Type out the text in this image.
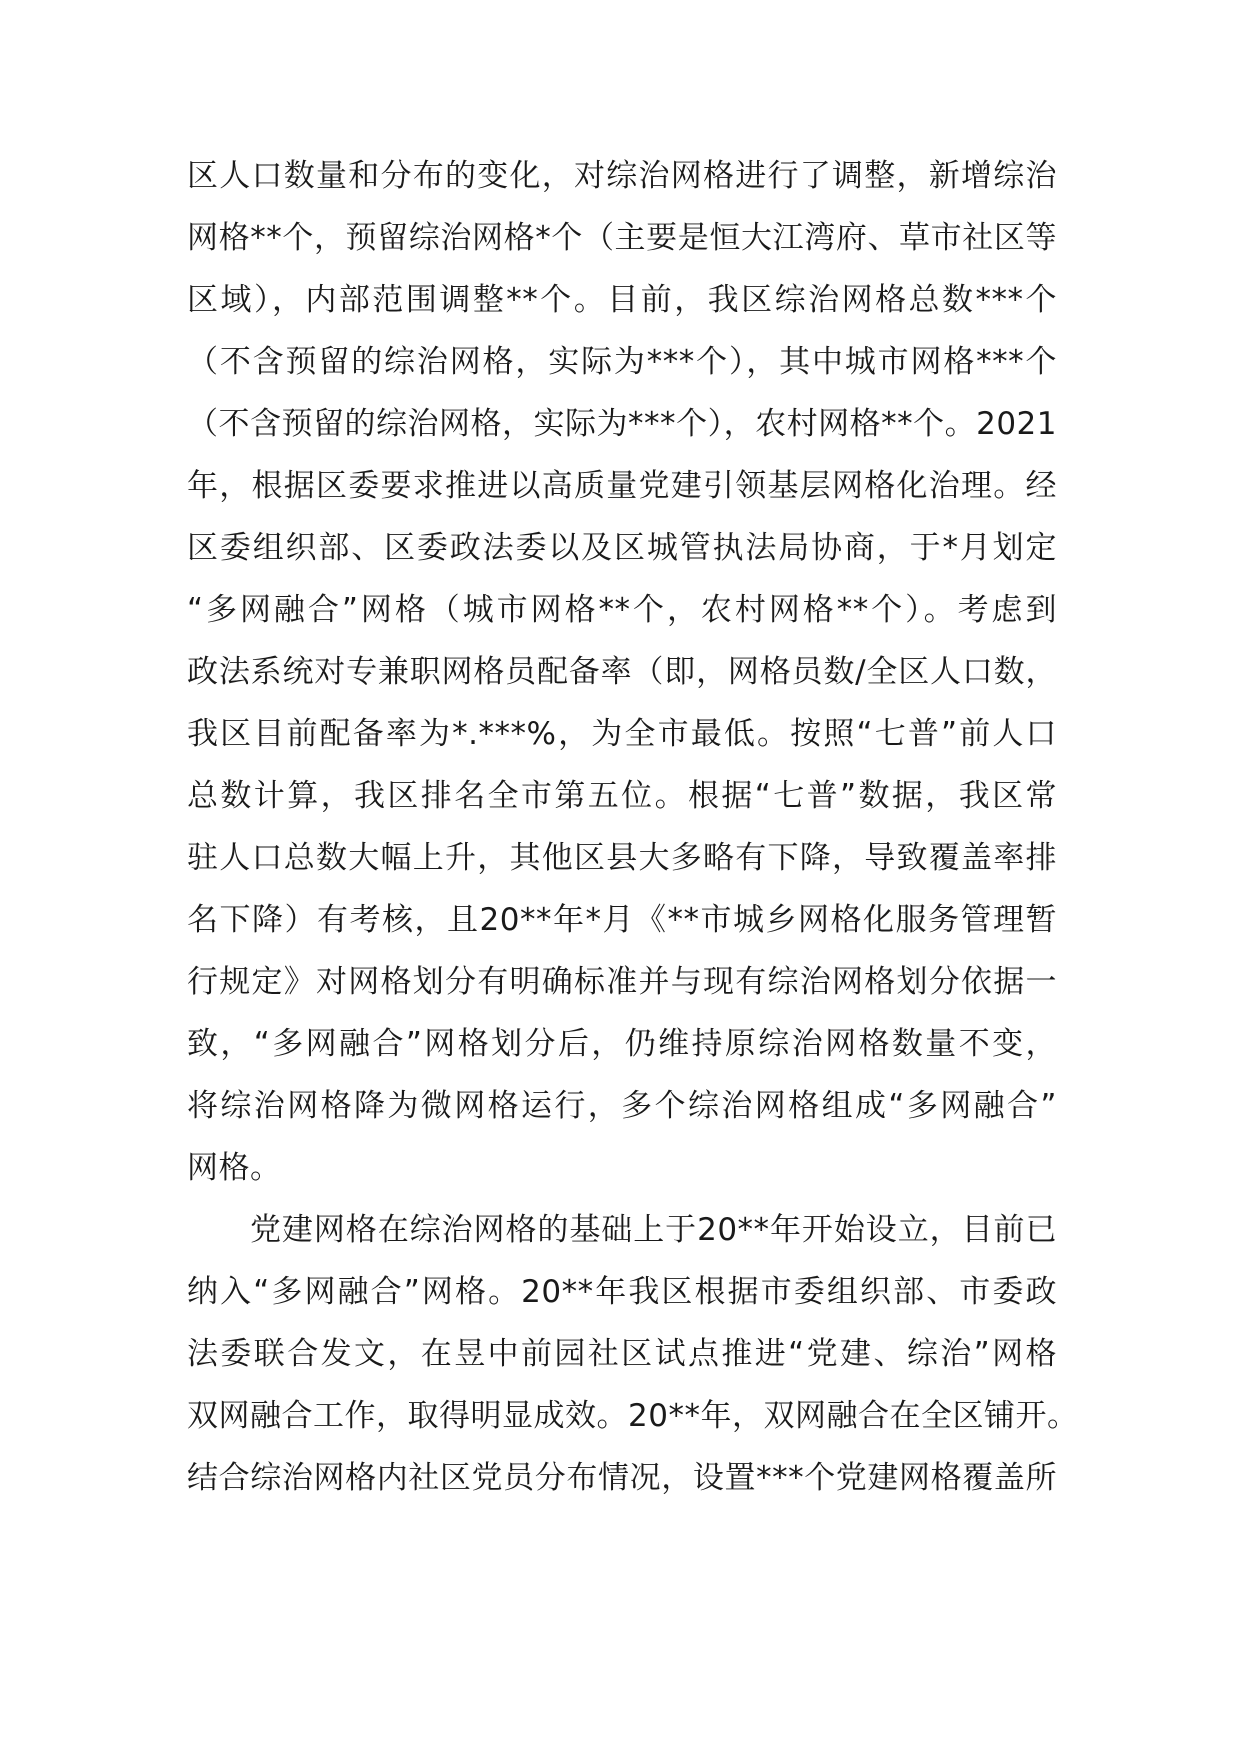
区人口数量和分布的变化，对综治网格进行了调整，新增综治
网格**个，预留综治网格*个（主要是恒大江湾府、草市社区等
区域），内部范围调整**个。目前，我区综治网格总数***个
（不含预留的综治网格，实际为***个），其中城市网格***个
（不含预留的综治网格，实际为***个），农村网格**个。2021
年，根据区委要求推进以高质量党建引领基层网格化治理。经
区委组织部、区委政法委以及区城管执法局协商，于*月划定
“多网融合”网格（城市网格**个，农村网格**个）。考虑到
政法系统对专兼职网格员配备率（即，网格员数/全区人口数，
我区目前配备率为*.***%，为全市最低。按照“七普”前人口
总数计算，我区排名全市第五位。根据“七普”数据，我区常
驻人口总数大幅上升，其他区县大多略有下降，导致覆盖率排
名下降）有考核，且20**年*月《**市城乡网格化服务管理暂
行规定》对网格划分有明确标准并与现有综治网格划分依据一
致，“多网融合”网格划分后，仍维持原综治网格数量不变，
将综治网格降为微网格运行，多个综治网格组成“多网融合”
网格。
党建网格在综治网格的基础上于20**年开始设立，目前已
纳入“多网融合”网格。20**年我区根据市委组织部、市委政
法委联合发文，在昱中前园社区试点推进“党建、综治”网格
双网融合工作，取得明显成效。20**年，双网融合在全区铺开。
结合综治网格内社区党员分布情况，设置***个党建网格覆盖所
